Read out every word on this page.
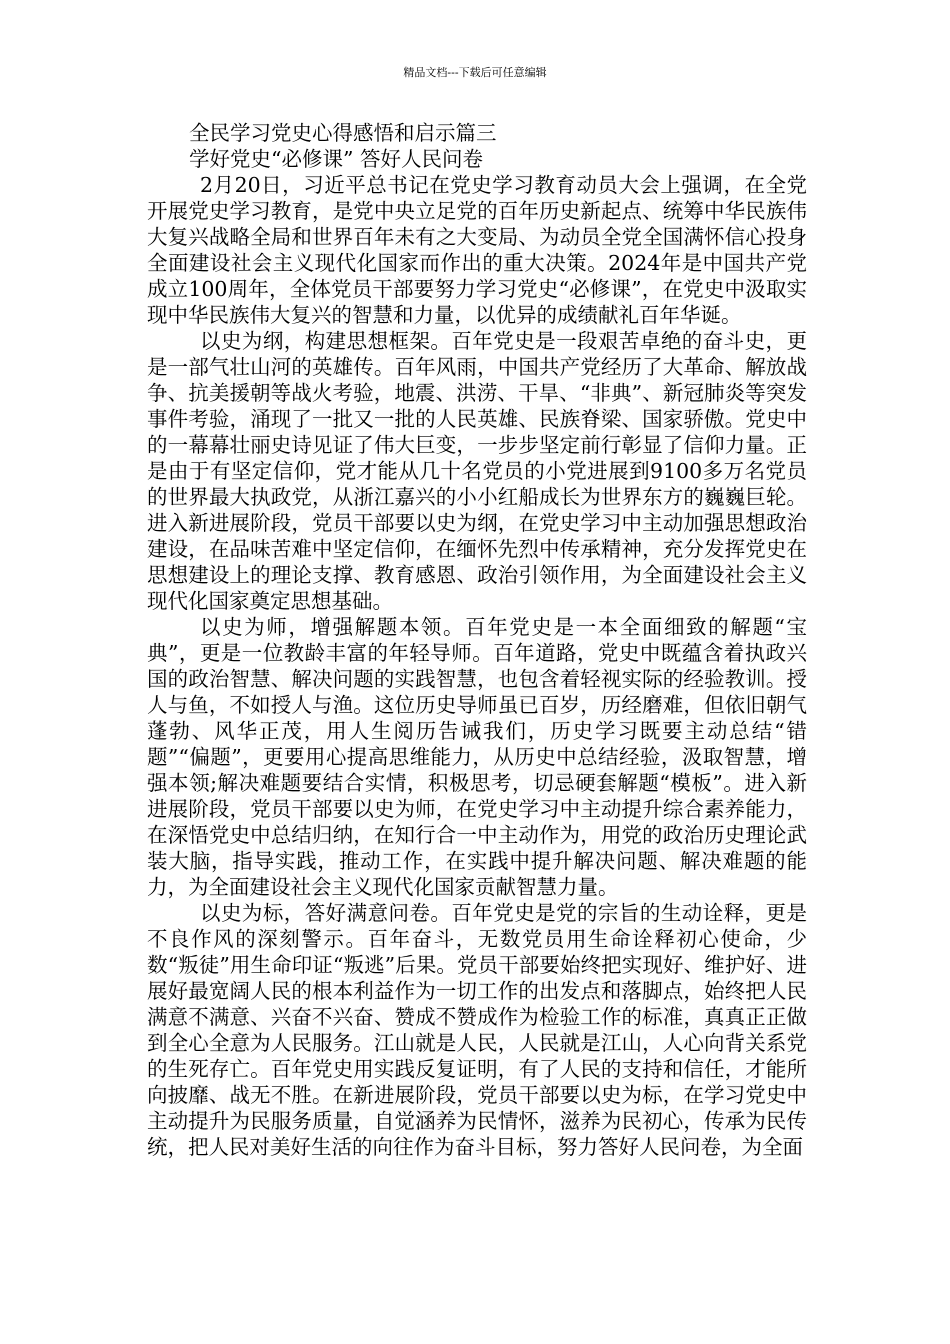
精品文档---下载后可任意编辑
全民学习党史心得感悟和启示篇三
学好党史“必修课” 答好人民问卷

2月20日，习近平总书记在党史学习教育动员大会上强调，在全党开展党史学习教育，是党中央立足党的百年历史新起点、统筹中华民族伟大复兴战略全局和世界百年未有之大变局、为动员全党全国满怀信心投身全面建设社会主义现代化国家而作出的重大决策。2024年是中国共产党成立100周年，全体党员干部要努力学习党史“必修课”，在党史中汲取实现中华民族伟大复兴的智慧和力量，以优异的成绩献礼百年华诞。

以史为纲，构建思想框架。百年党史是一段艰苦卓绝的奋斗史，更是一部气壮山河的英雄传。百年风雨，中国共产党经历了大革命、解放战争、抗美援朝等战火考验，地震、洪涝、干旱、“非典”、新冠肺炎等突发事件考验，涌现了一批又一批的人民英雄、民族脊梁、国家骄傲。党史中的一幕幕壮丽史诗见证了伟大巨变，一步步坚定前行彰显了信仰力量。正是由于有坚定信仰，党才能从几十名党员的小党进展到9100多万名党员的世界最大执政党，从浙江嘉兴的小小红船成长为世界东方的巍巍巨轮。进入新进展阶段，党员干部要以史为纲，在党史学习中主动加强思想政治建设，在品味苦难中坚定信仰，在缅怀先烈中传承精神，充分发挥党史在思想建设上的理论支撑、教育感恩、政治引领作用，为全面建设社会主义现代化国家奠定思想基础。

以史为师，增强解题本领。百年党史是一本全面细致的解题“宝典”，更是一位教龄丰富的年轻导师。百年道路，党史中既蕴含着执政兴国的政治智慧、解决问题的实践智慧，也包含着轻视实际的经验教训。授人与鱼，不如授人与渔。这位历史导师虽已百岁，历经磨难，但依旧朝气蓬勃、风华正茂，用人生阅历告诫我们，历史学习既要主动总结“错题”“偏题”，更要用心提高思维能力，从历史中总结经验，汲取智慧，增强本领;解决难题要结合实情，积极思考，切忌硬套解题“模板”。进入新进展阶段，党员干部要以史为师，在党史学习中主动提升综合素养能力，在深悟党史中总结归纳，在知行合一中主动作为，用党的政治历史理论武装大脑，指导实践，推动工作，在实践中提升解决问题、解决难题的能力，为全面建设社会主义现代化国家贡献智慧力量。

以史为标，答好满意问卷。百年党史是党的宗旨的生动诠释，更是不良作风的深刻警示。百年奋斗，无数党员用生命诠释初心使命，少数“叛徒”用生命印证“叛逃”后果。党员干部要始终把实现好、维护好、进展好最宽阔人民的根本利益作为一切工作的出发点和落脚点，始终把人民满意不满意、兴奋不兴奋、赞成不赞成作为检验工作的标准，真真正正做到全心全意为人民服务。江山就是人民，人民就是江山，人心向背关系党的生死存亡。百年党史用实践反复证明，有了人民的支持和信任，才能所向披靡、战无不胜。在新进展阶段，党员干部要以史为标，在学习党史中主动提升为民服务质量，自觉涵养为民情怀，滋养为民初心，传承为民传统，把人民对美好生活的向往作为奋斗目标，努力答好人民问卷，为全面
